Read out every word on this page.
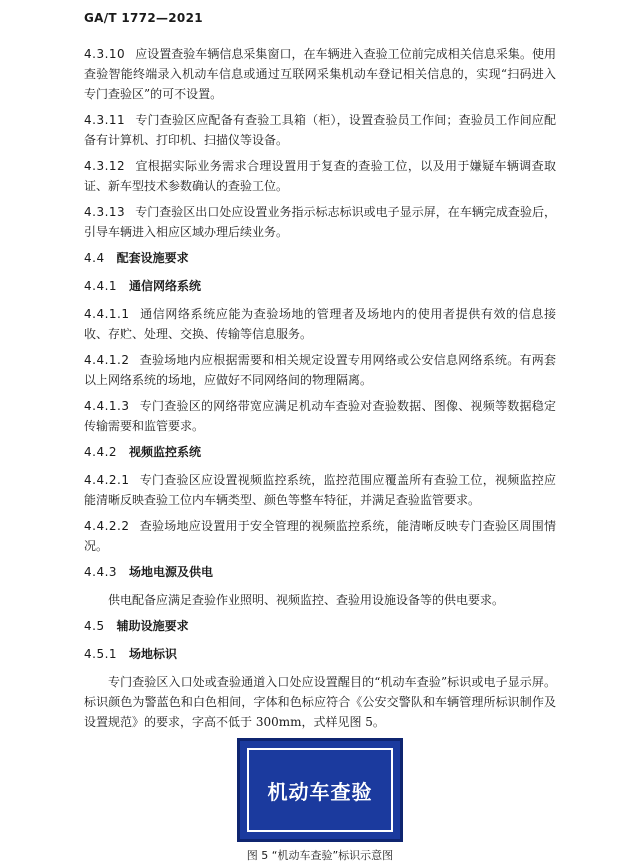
GA/T 1772—2021
4.3.10 应设置查验车辆信息采集窗口，在车辆进入查验工位前完成相关信息采集。使用查验智能终端录入机动车信息或通过互联网采集机动车登记相关信息的，实现“扫码进入专门查验区”的可不设置。
4.3.11 专门查验区应配备有查验工具箱（柜），设置查验员工作间；查验员工作间应配备有计算机、打印机、扫描仪等设备。
4.3.12 宜根据实际业务需求合理设置用于复查的查验工位，以及用于嫌疑车辆调查取证、新车型技术参数确认的查验工位。
4.3.13 专门查验区出口处应设置业务指示标志标识或电子显示屏，在车辆完成查验后，引导车辆进入相应区域办理后续业务。
4.4 配套设施要求
4.4.1 通信网络系统
4.4.1.1 通信网络系统应能为查验场地的管理者及场地内的使用者提供有效的信息接收、存贮、处理、交换、传输等信息服务。
4.4.1.2 查验场地内应根据需要和相关规定设置专用网络或公安信息网络系统。有两套以上网络系统的场地，应做好不同网络间的物理隔离。
4.4.1.3 专门查验区的网络带宽应满足机动车查验对查验数据、图像、视频等数据稳定传输需要和监管要求。
4.4.2 视频监控系统
4.4.2.1 专门查验区应设置视频监控系统，监控范围应覆盖所有查验工位，视频监控应能清晰反映查验工位内车辆类型、颜色等整车特征，并满足查验监管要求。
4.4.2.2 查验场地应设置用于安全管理的视频监控系统，能清晰反映专门查验区周围情况。
4.4.3 场地电源及供电
供电配备应满足查验作业照明、视频监控、查验用设施设备等的供电要求。
4.5 辅助设施要求
4.5.1 场地标识
专门查验区入口处或查验通道入口处应设置醒目的“机动车查验”标识或电子显示屏。标识颜色为警蓝色和白色相间，字体和色标应符合《公安交警队和车辆管理所标识制作及设置规范》的要求，字高不低于 300mm，式样见图 5。
机动车查验
图 5 “机动车查验”标识示意图
